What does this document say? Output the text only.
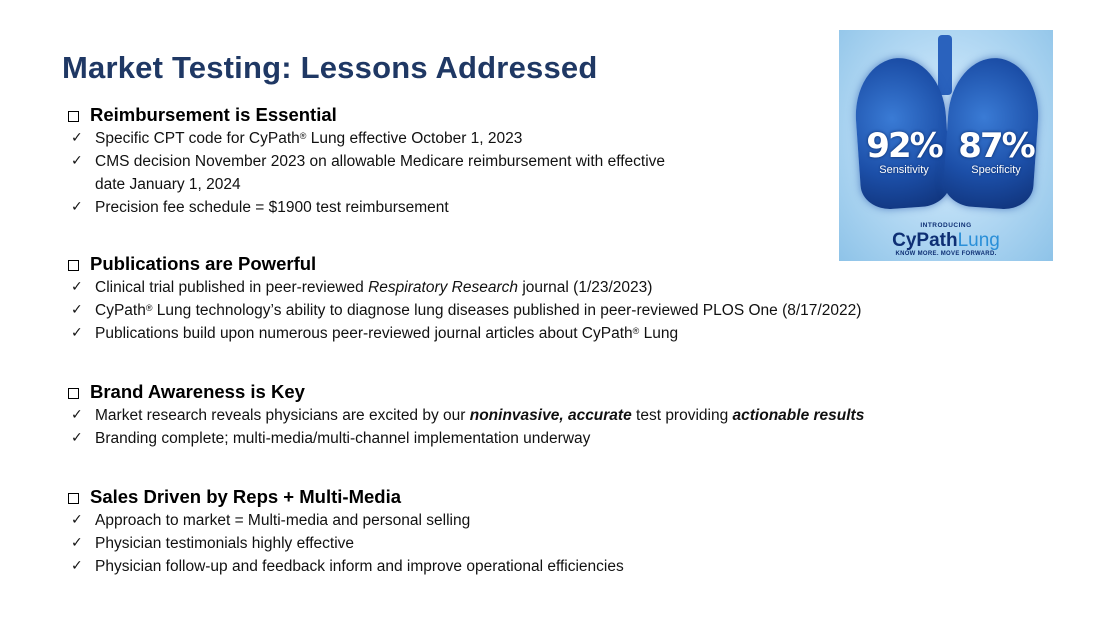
Market Testing: Lessons Addressed
Reimbursement is Essential
✓ Specific CPT code for CyPath® Lung effective October 1, 2023
✓ CMS decision November 2023 on allowable Medicare reimbursement with effective
date January 1, 2024
✓ Precision fee schedule = $1900 test reimbursement
Publications are Powerful
✓ Clinical trial published in peer-reviewed Respiratory Research journal (1/23/2023)
✓ CyPath® Lung technology’s ability to diagnose lung diseases published in peer-reviewed PLOS One (8/17/2022)
✓ Publications build upon numerous peer-reviewed journal articles about CyPath® Lung
Brand Awareness is Key
✓ Market research reveals physicians are excited by our noninvasive, accurate test providing actionable results
✓ Branding complete; multi-media/multi-channel implementation underway
Sales Driven by Reps + Multi-Media
✓ Approach to market = Multi-media and personal selling
✓ Physician testimonials highly effective
✓ Physician follow-up and feedback inform and improve operational efficiencies
92%
Sensitivity
87%
Specificity
INTRODUCING
CyPathLung
KNOW MORE. MOVE FORWARD.
